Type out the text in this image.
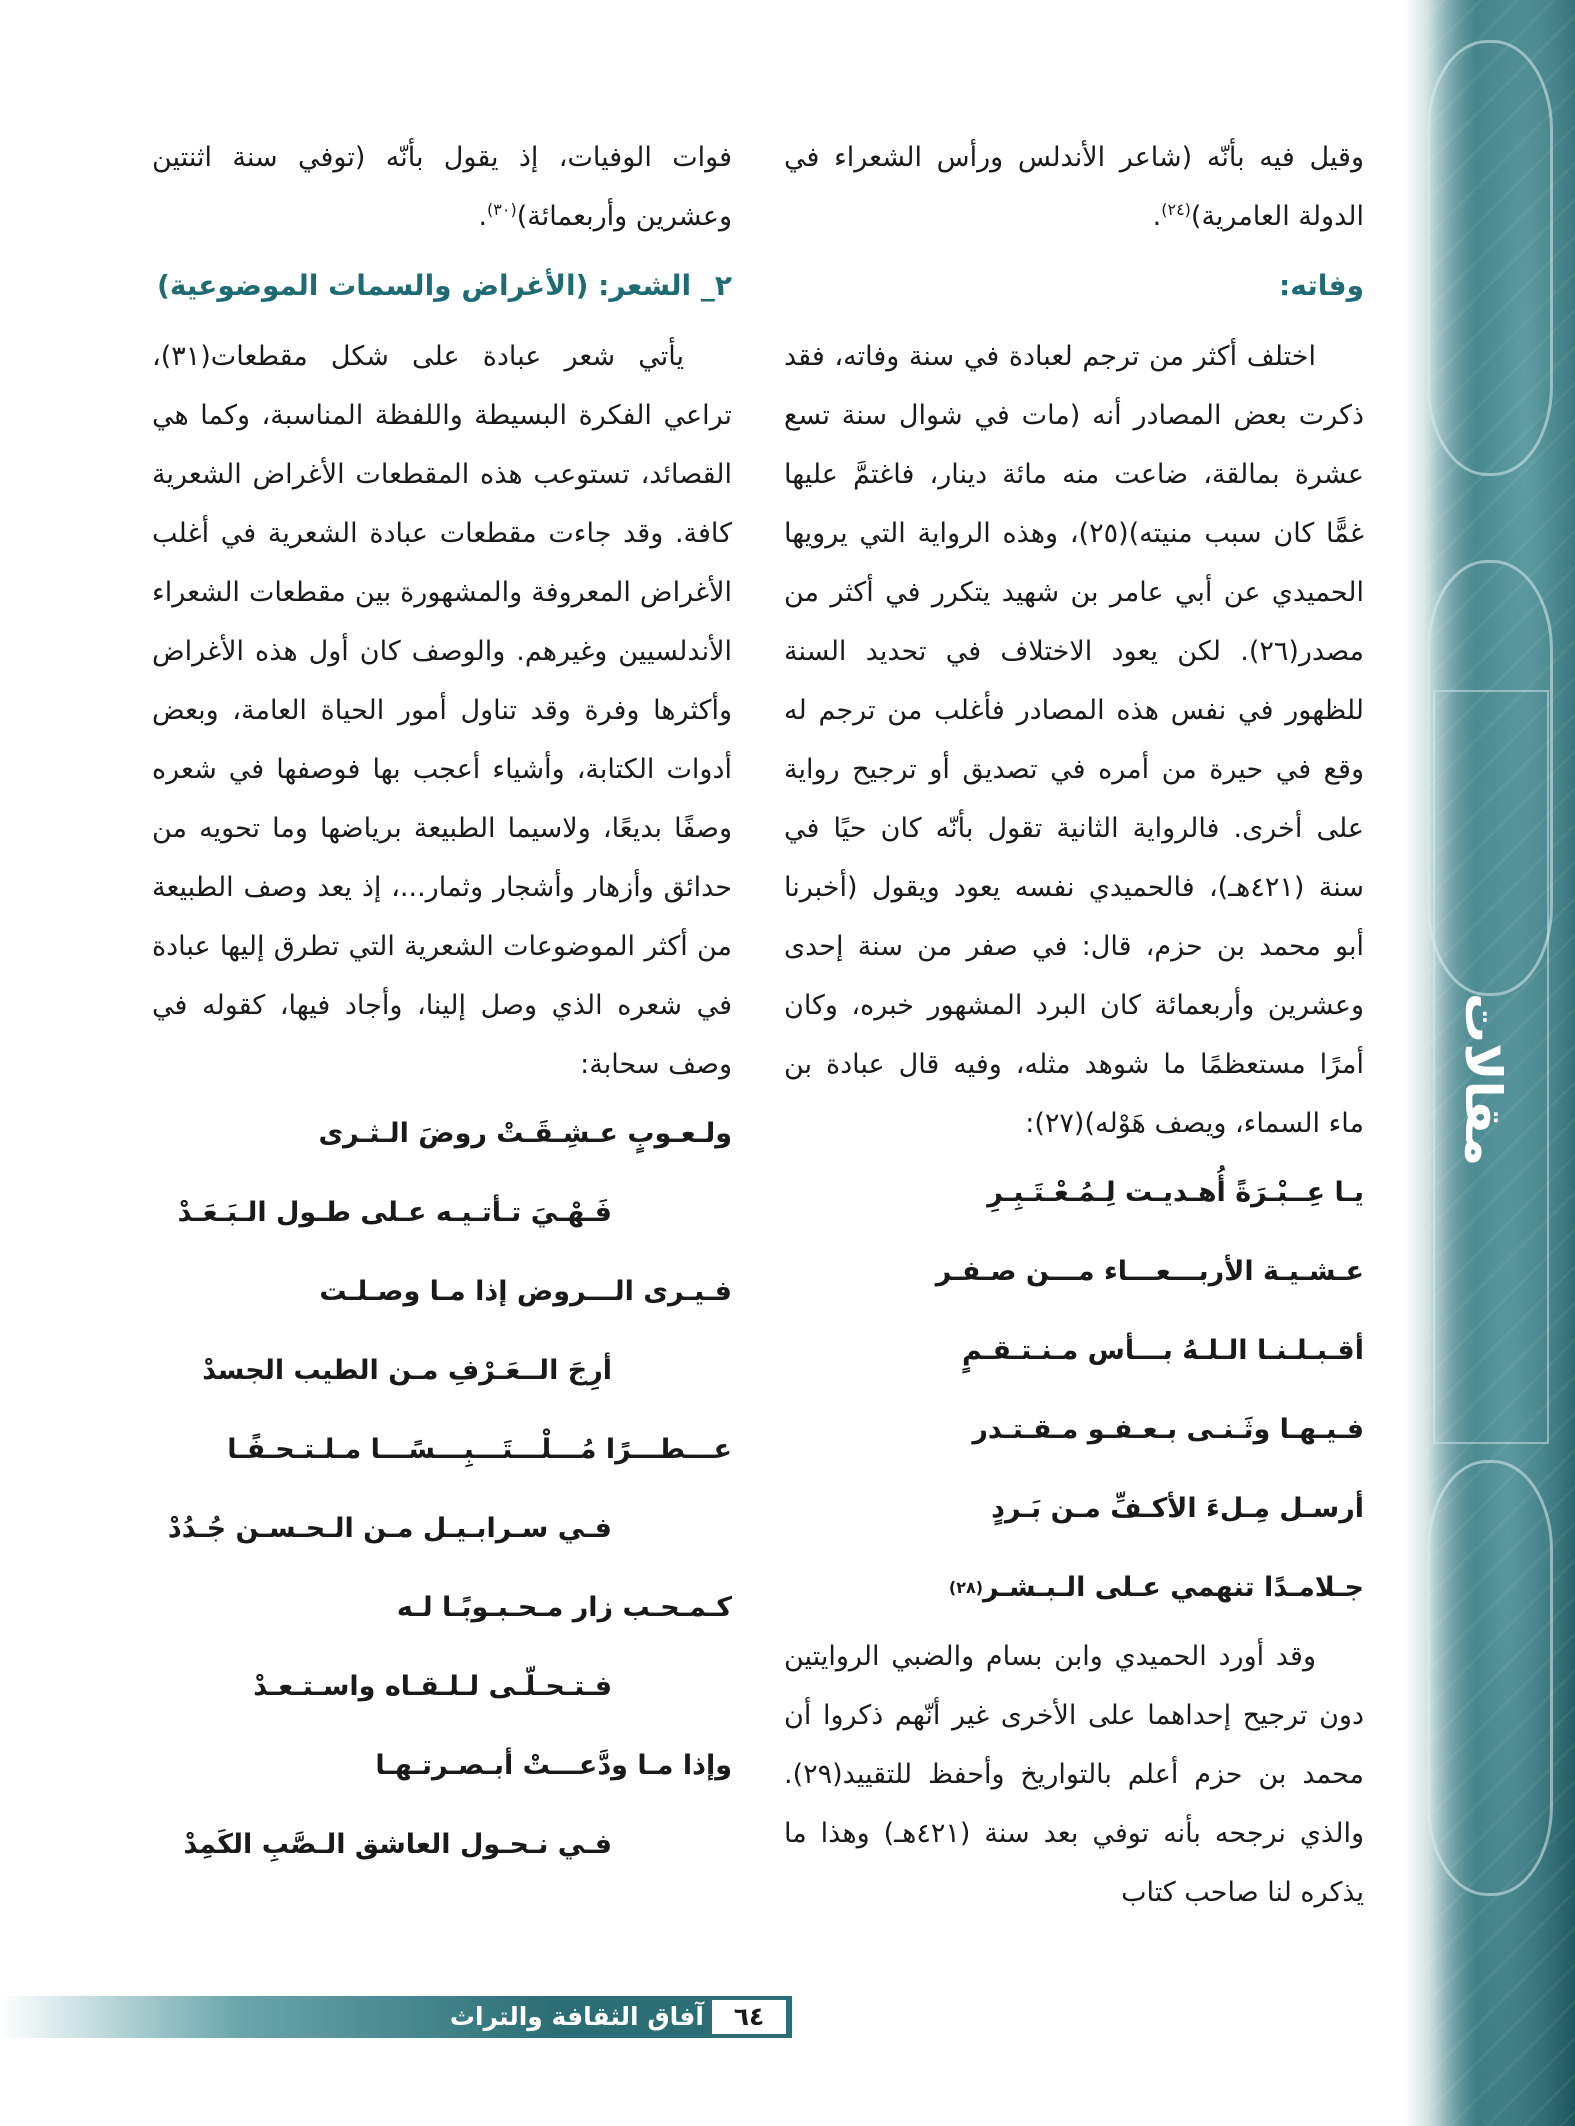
مقالات

وقيل فيه بأنّه (شاعر الأندلس ورأس الشعراء في الدولة العامرية)$^{(٢٤)}$.

وفاته:

اختلف أكثر من ترجم لعبادة في سنة وفاته، فقد ذكرت بعض المصادر أنه (مات في شوال سنة تسع عشرة بمالقة، ضاعت منه مائة دينار، فاغتمَّ عليها غمًّا كان سبب منيته)(٢٥)، وهذه الرواية التي يرويها الحميدي عن أبي عامر بن شهيد يتكرر في أكثر من مصدر(٢٦). لكن يعود الاختلاف في تحديد السنة للظهور في نفس هذه المصادر فأغلب من ترجم له وقع في حيرة من أمره في تصديق أو ترجيح رواية على أخرى. فالرواية الثانية تقول بأنّه كان حيًا في سنة (٤٢١هـ)، فالحميدي نفسه يعود ويقول (أخبرنا أبو محمد بن حزم، قال: في صفر من سنة إحدى وعشرين وأربعمائة كان البرد المشهور خبره، وكان أمرًا مستعظمًا ما شوهد مثله، وفيه قال عبادة بن ماء السماء، ويصف هَوْله)(٢٧):

يـا عِــبْـرَةً أُهـديـت لِـمُـعْـتَـبِـرِ
عـشـيـة الأربـــعـــاء مـــن صـفـر
أقـبـلـنـا الـلـهُ بـــأس مـنـتـقـمٍ
فـيـهـا وثَـنـى بـعـفـو مـقـتـدر
أرسـل مِـلءَ الأكـفِّ مـن بَـردٍ
جـلامـدًا تنهمي عـلى الـبـشـر
(٢٨)

وقد أورد الحميدي وابن بسام والضبي الروايتين دون ترجيح إحداهما على الأخرى غير أنّهم ذكروا أن محمد بن حزم أعلم بالتواريخ وأحفظ للتقييد(٢٩). والذي نرجحه بأنه توفي بعد سنة (٤٢١هـ) وهذا ما يذكره لنا صاحب كتاب

فوات الوفيات، إذ يقول بأنّه (توفي سنة اثنتين وعشرين وأربعمائة)$^{(٣٠)}$.

٢_ الشعر: (الأغراض والسمات الموضوعية)

يأتي شعر عبادة على شكل مقطعات(٣١)، تراعي الفكرة البسيطة واللفظة المناسبة، وكما هي القصائد، تستوعب هذه المقطعات الأغراض الشعرية كافة. وقد جاءت مقطعات عبادة الشعرية في أغلب الأغراض المعروفة والمشهورة بين مقطعات الشعراء الأندلسيين وغيرهم. والوصف كان أول هذه الأغراض وأكثرها وفرة وقد تناول أمور الحياة العامة، وبعض أدوات الكتابة، وأشياء أعجب بها فوصفها في شعره وصفًا بديعًا، ولاسيما الطبيعة برياضها وما تحويه من حدائق وأزهار وأشجار وثمار...، إذ يعد وصف الطبيعة من أكثر الموضوعات الشعرية التي تطرق إليها عبادة في شعره الذي وصل إلينا، وأجاد فيها، كقوله في وصف سحابة:

ولـعـوبٍ عـشِـقَـتْ روضَ الـثـرى
فَـهْـيَ تـأتـيـه عـلى طـول الـبَـعَـدْ
فـيـرى الـــروض إذا مـا وصـلـت
أرِجَ الــعَـرْفِ مـن الطيب الجسدْ
عـــطـــرًا مُـــلْـــتَـــبِـــسًـــا مـلـتـحـفًـا
فـي سـرابـيـل مـن الـحـسـن جُـدُدْ
كـمـحـب زار مـحـبـوبًـا لـه
فـتـحـلّـى لـلـقـاه واسـتـعـدْ
وإذا مـا ودَّعـــتْ أبـصـرتـهـا
فـي نـحـول العاشق الـصَّبِ الكَمِدْ
آفاق الثقافة والتراث	٦٤
